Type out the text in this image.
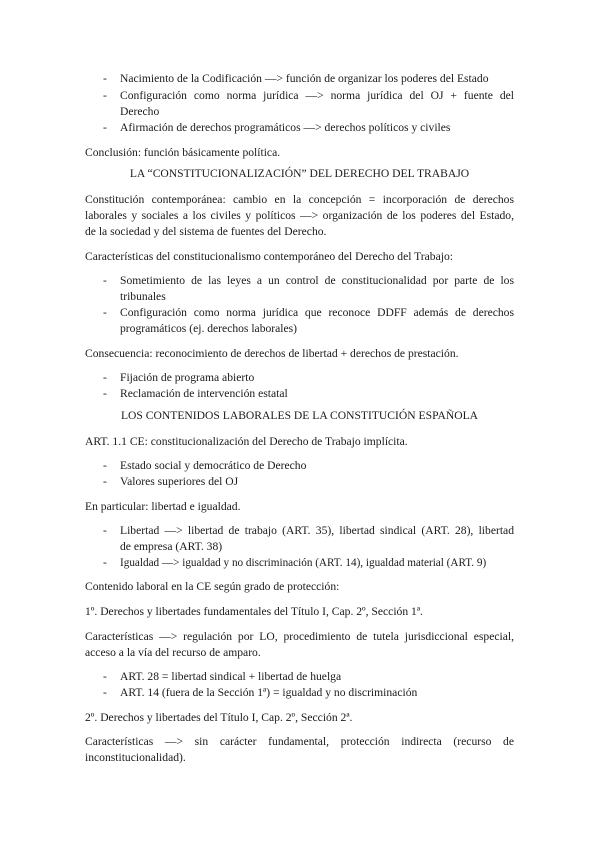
- Nacimiento de la Codificación —> función de organizar los poderes del Estado
- Configuración como norma jurídica —> norma jurídica del OJ + fuente del
Derecho
- Afirmación de derechos programáticos —> derechos políticos y civiles
Conclusión: función básicamente política.
LA “CONSTITUCIONALIZACIÓN” DEL DERECHO DEL TRABAJO
Constitución contemporánea: cambio en la concepción = incorporación de derechos
laborales y sociales a los civiles y políticos —> organización de los poderes del Estado,
de la sociedad y del sistema de fuentes del Derecho.
Características del constitucionalismo contemporáneo del Derecho del Trabajo:
- Sometimiento de las leyes a un control de constitucionalidad por parte de los
tribunales
- Configuración como norma jurídica que reconoce DDFF además de derechos
programáticos (ej. derechos laborales)
Consecuencia: reconocimiento de derechos de libertad + derechos de prestación.
- Fijación de programa abierto
- Reclamación de intervención estatal
LOS CONTENIDOS LABORALES DE LA CONSTITUCIÓN ESPAÑOLA
ART. 1.1 CE: constitucionalización del Derecho de Trabajo implícita.
- Estado social y democrático de Derecho
- Valores superiores del OJ
En particular: libertad e igualdad.
- Libertad —> libertad de trabajo (ART. 35), libertad sindical (ART. 28), libertad
de empresa (ART. 38)
- Igualdad —> igualdad y no discriminación (ART. 14), igualdad material (ART. 9)
Contenido laboral en la CE según grado de protección:
1º. Derechos y libertades fundamentales del Título I, Cap. 2º, Sección 1ª.
Características —> regulación por LO, procedimiento de tutela jurisdiccional especial,
acceso a la vía del recurso de amparo.
- ART. 28 = libertad sindical + libertad de huelga
- ART. 14 (fuera de la Sección 1ª) = igualdad y no discriminación
2º. Derechos y libertades del Título I, Cap. 2º, Sección 2ª.
Características —> sin carácter fundamental, protección indirecta (recurso de
inconstitucionalidad).
